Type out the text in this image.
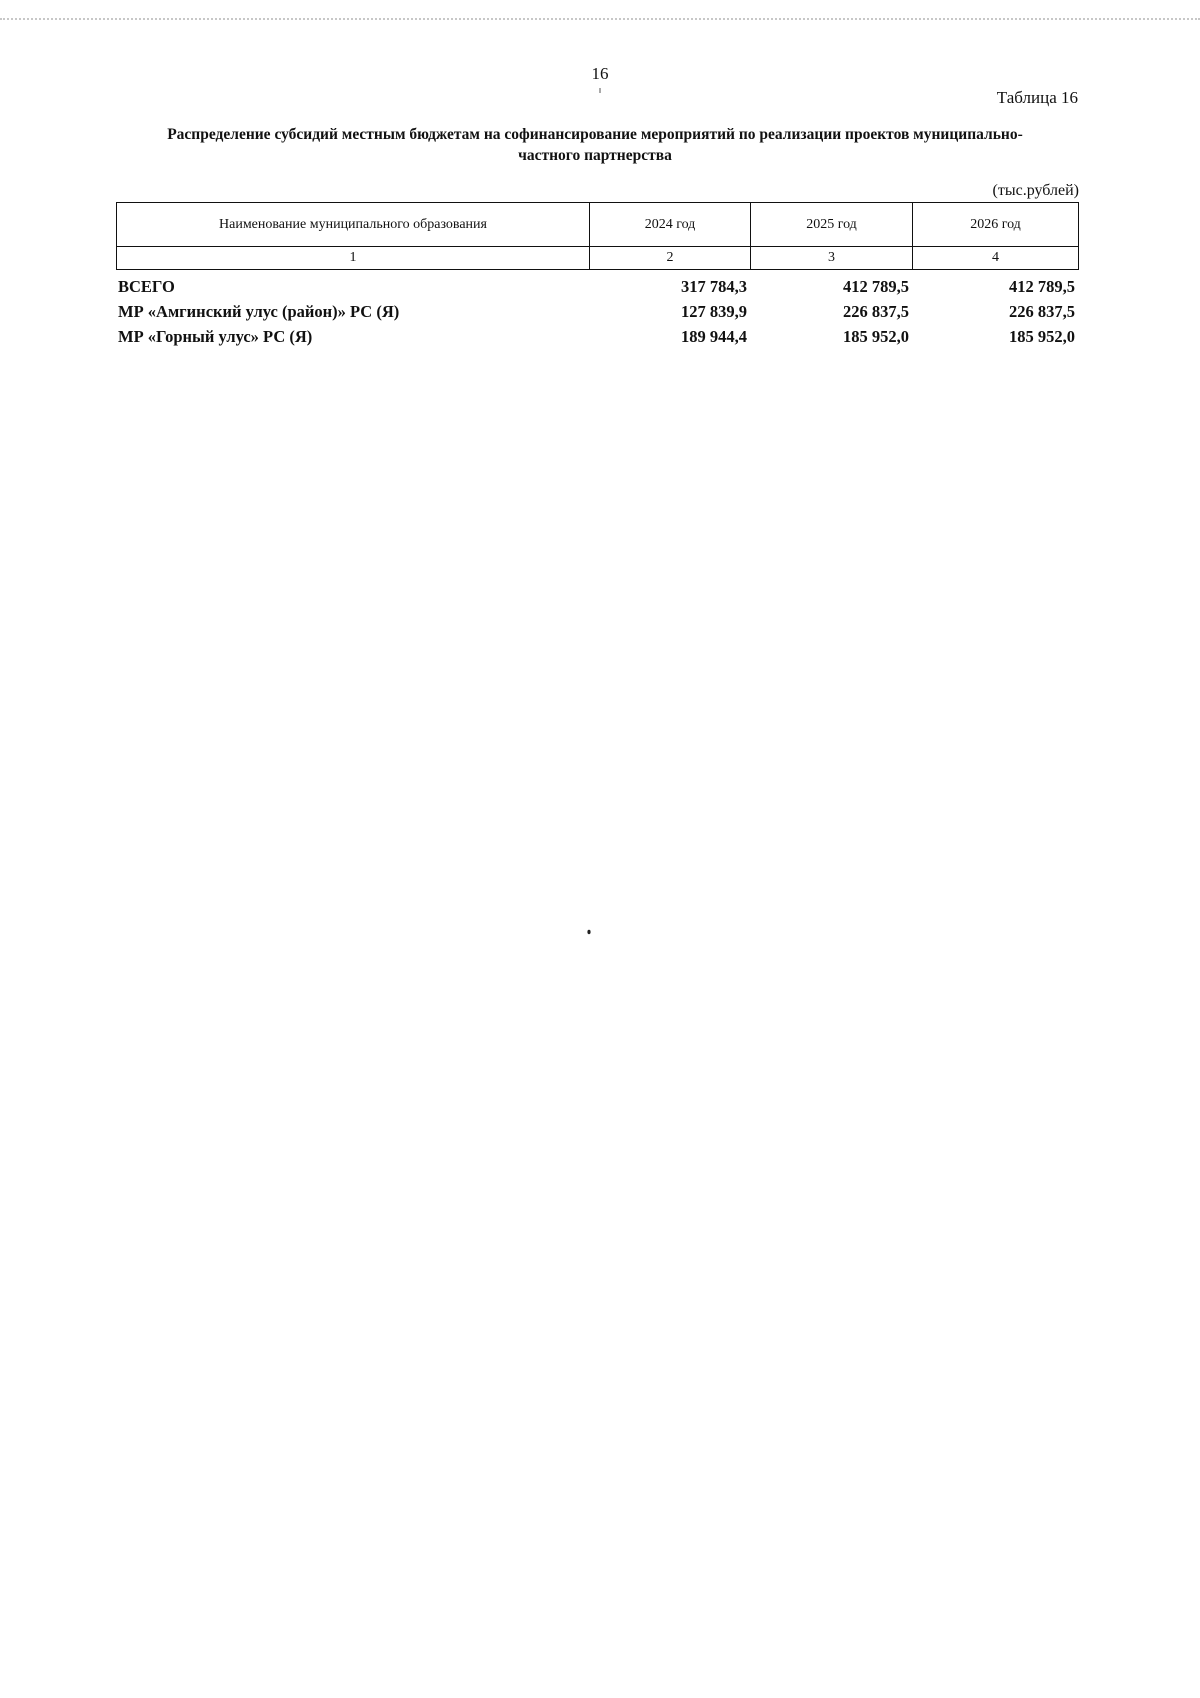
16
Таблица 16
Распределение субсидий местным бюджетам на софинансирование мероприятий по реализации проектов муниципально-
частного партнерства
(тыс.рублей)
Наименование муниципального образования	2024 год	2025 год	2026 год
1	2	3	4
ВСЕГО	317 784,3	412 789,5	412 789,5
МР «Амгинский улус (район)» РС (Я)	127 839,9	226 837,5	226 837,5
МР «Горный улус» РС (Я)	189 944,4	185 952,0	185 952,0
